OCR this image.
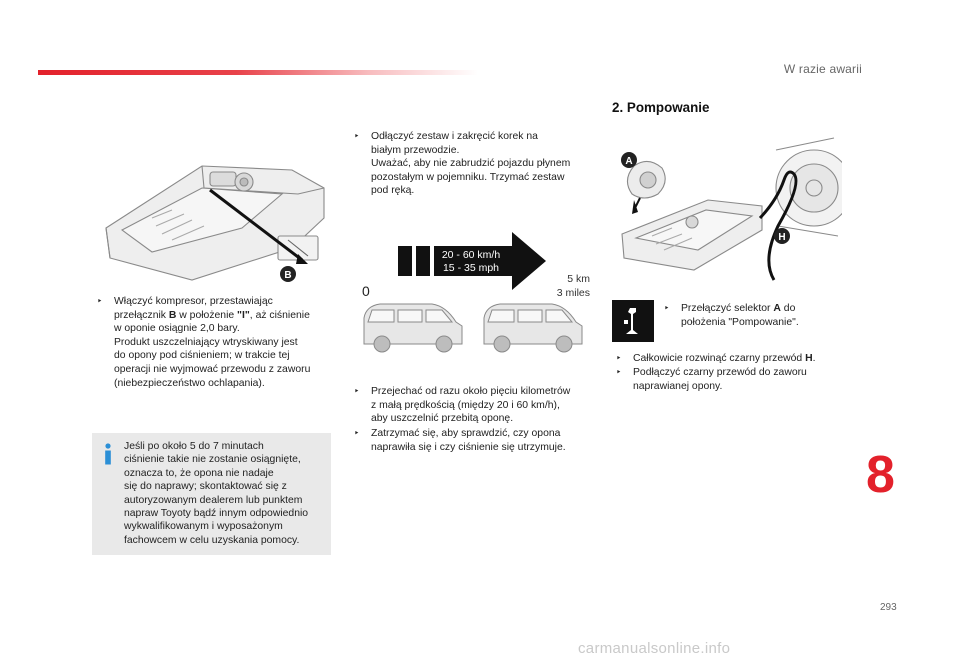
W razie awarii
B
‣ Włączyć kompresor, przestawiając
przełącznik B w położenie "I", aż ciśnienie
w oponie osiągnie 2,0 bary.
Produkt uszczelniający wtryskiwany jest
do opony pod ciśnieniem; w trakcie tej
operacji nie wyjmować przewodu z zaworu
(niebezpieczeństwo ochlapania).
Jeśli po około 5 do 7 minutach
ciśnienie takie nie zostanie osiągnięte,
oznacza to, że opona nie nadaje
się do naprawy; skontaktować się z
autoryzowanym dealerem lub punktem
napraw Toyoty bądź innym odpowiednio
wykwalifikowanym i wyposażonym
fachowcem w celu uzyskania pomocy.
‣ Odłączyć zestaw i zakręcić korek na
białym przewodzie.
Uważać, aby nie zabrudzić pojazdu płynem
pozostałym w pojemniku. Trzymać zestaw
pod ręką.
20 - 60 km/h
15 - 35 mph
0
5 km
3 miles
‣ Przejechać od razu około pięciu kilometrów
z małą prędkością (między 20 i 60 km/h),
aby uszczelnić przebitą oponę.
‣ Zatrzymać się, aby sprawdzić, czy opona
naprawiła się i czy ciśnienie się utrzymuje.
2. Pompowanie
A
H
‣ Przełączyć selektor A do
położenia "Pompowanie".
‣ Całkowicie rozwinąć czarny przewód H.
‣ Podłączyć czarny przewód do zaworu
naprawianej opony.
8
293
carmanualsonline.info
